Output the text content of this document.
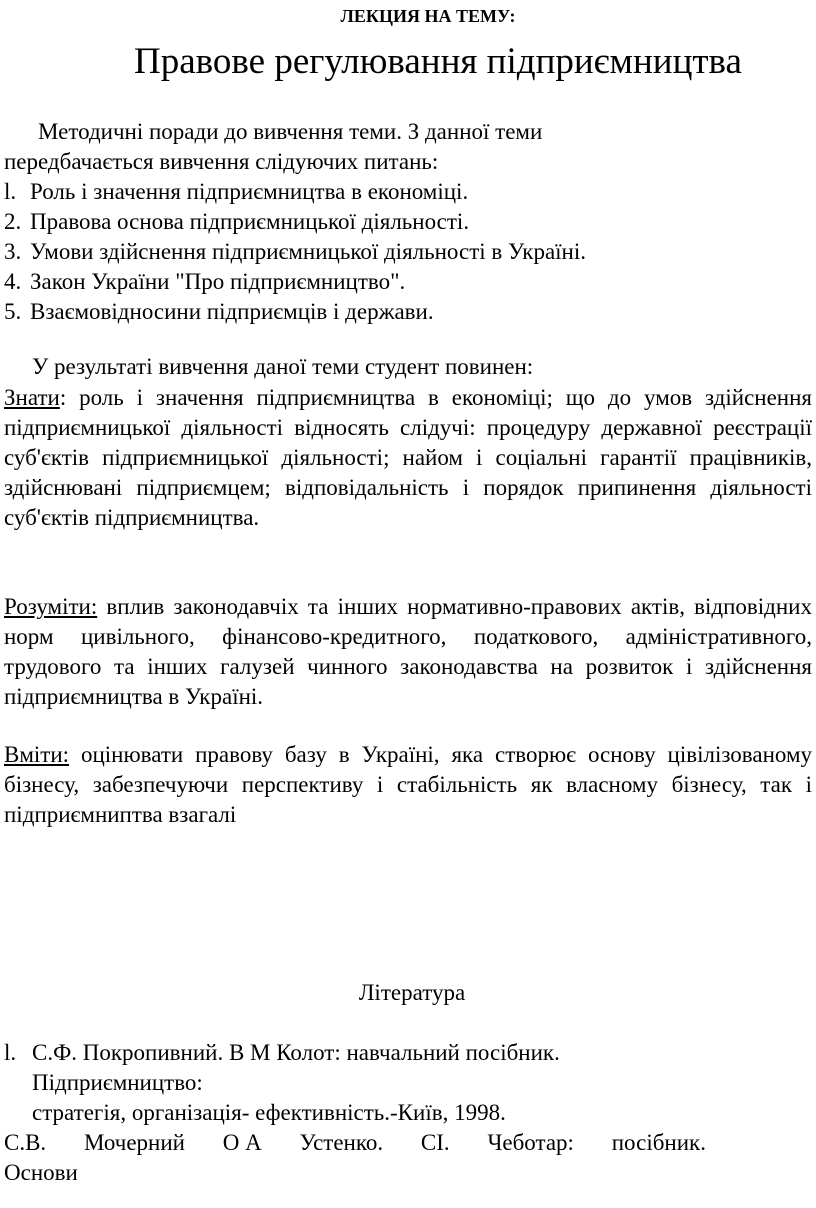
ЛЕКЦИЯ НА ТЕМУ:
Правове регулювання підприємництва
Методичні поради до вивчення теми. З данної теми
передбачається вивчення слідуючих питань:
l. Роль і значення підприємництва в економіці.
2. Правова основа підприємницької діяльності.
3. Умови здійснення підприємницької діяльності в Україні.
4. Закон України "Про підприємництво".
5. Взаємовідносини підприємців і держави.
У результаті вивчення даної теми студент повинен:
Знати: роль і значення підприємництва в економіці; що до умов здійснення підприємницької діяльності відносять слідучі: процедуру державної реєстрації суб'єктів підприємницької діяльності; найом і соціальні гарантії працівників, здійснювані підприємцем; відповідальність і порядок припинення діяльності суб'єктів підприємництва.
Розуміти: вплив законодавчіх та інших нормативно-правових актів, відповідних норм цивільного, фінансово-кредитного, податкового, адміністративного, трудового та інших галузей чинного законодавства на розвиток і здійснення підприємництва в Україні.
Вміти: оцінювати правову базу в Україні, яка створює основу цівілізованому бізнесу, забезпечуючи перспективу і стабільність як власному бізнесу, так і підприємниптва взагалі
Література
l. С.Ф. Покропивний. В М Колот: навчальний посібник.
Підприємництво:
стратегія, організація- ефективність.-Київ, 1998.
С.В. Мочерний О А Устенко. СІ. Чеботар: посібник.
Основи
